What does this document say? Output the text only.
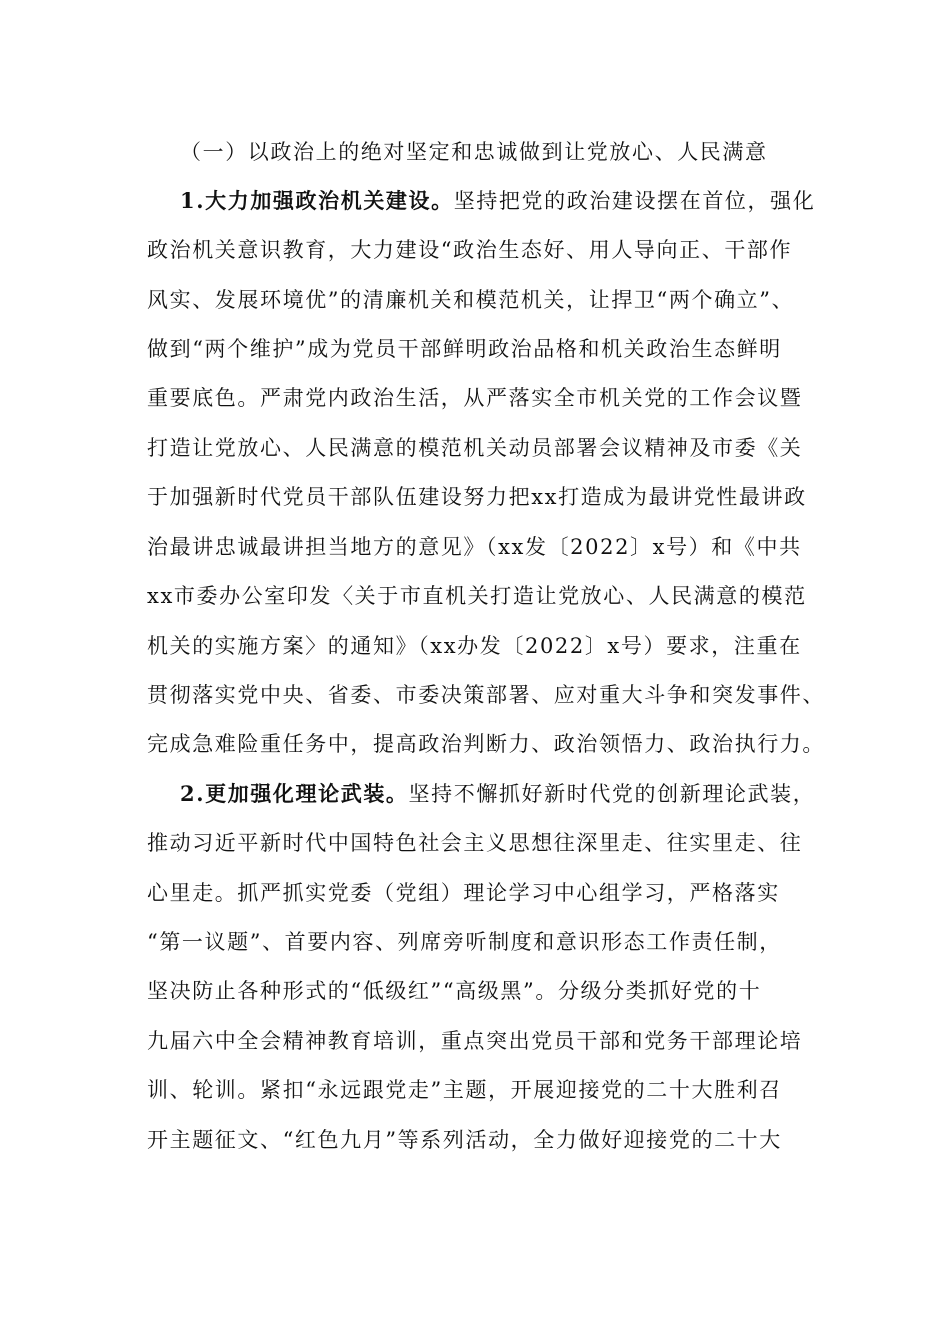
（一）以政治上的绝对坚定和忠诚做到让党放心、人民满意
1.大力加强政治机关建设。坚持把党的政治建设摆在首位，强化
政治机关意识教育，大力建设“政治生态好、用人导向正、干部作
风实、发展环境优”的清廉机关和模范机关，让捍卫“两个确立”、
做到“两个维护”成为党员干部鲜明政治品格和机关政治生态鲜明
重要底色。严肃党内政治生活，从严落实全市机关党的工作会议暨
打造让党放心、人民满意的模范机关动员部署会议精神及市委《关
于加强新时代党员干部队伍建设努力把xx打造成为最讲党性最讲政
治最讲忠诚最讲担当地方的意见》（xx发〔2022〕x号）和《中共
xx市委办公室印发〈关于市直机关打造让党放心、人民满意的模范
机关的实施方案〉的通知》（xx办发〔2022〕x号）要求，注重在
贯彻落实党中央、省委、市委决策部署、应对重大斗争和突发事件、
完成急难险重任务中，提高政治判断力、政治领悟力、政治执行力。
2.更加强化理论武装。坚持不懈抓好新时代党的创新理论武装，
推动习近平新时代中国特色社会主义思想往深里走、往实里走、往
心里走。抓严抓实党委（党组）理论学习中心组学习，严格落实
“第一议题”、首要内容、列席旁听制度和意识形态工作责任制，
坚决防止各种形式的“低级红”“高级黑”。分级分类抓好党的十
九届六中全会精神教育培训，重点突出党员干部和党务干部理论培
训、轮训。紧扣“永远跟党走”主题，开展迎接党的二十大胜利召
开主题征文、“红色九月”等系列活动，全力做好迎接党的二十大
